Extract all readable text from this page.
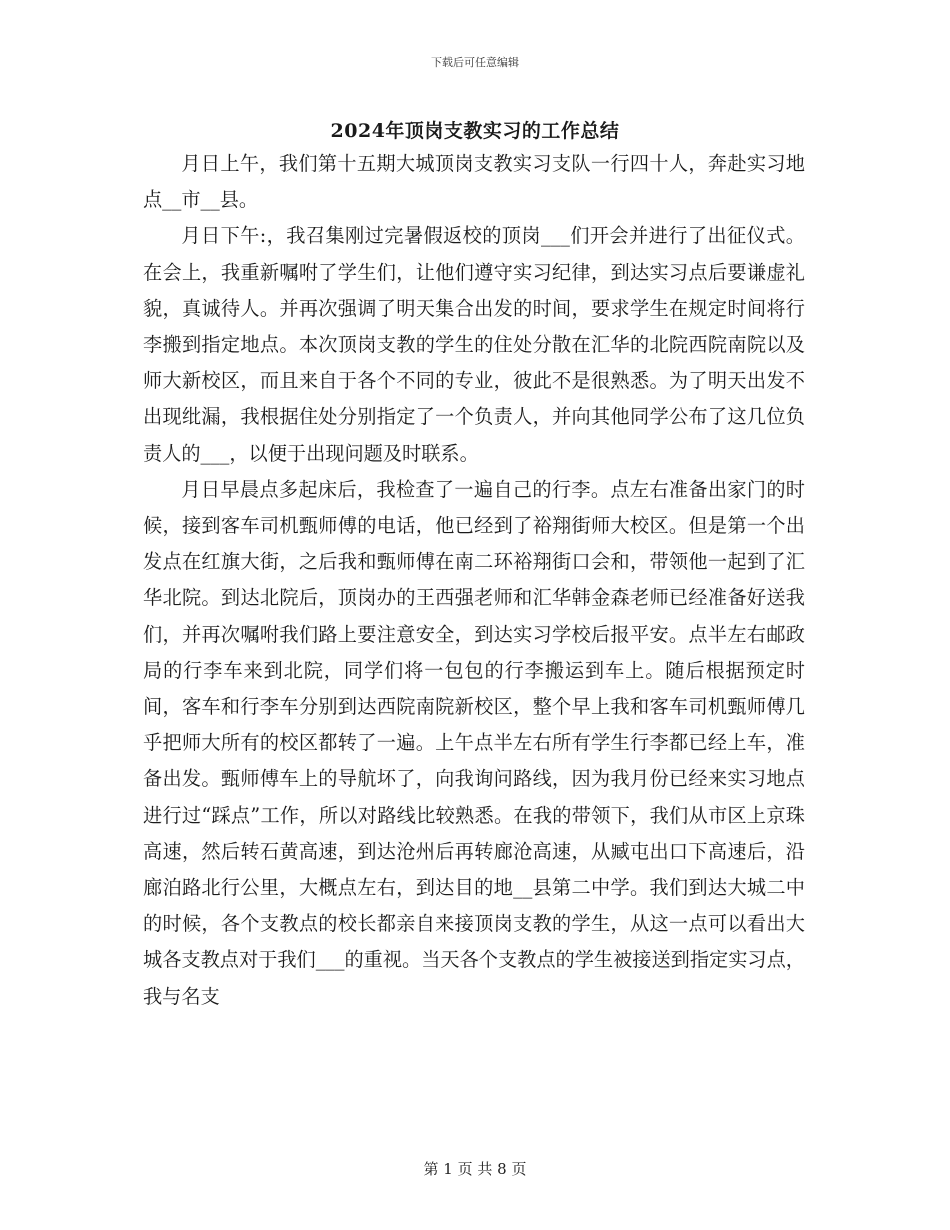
下载后可任意编辑
2024年顶岗支教实习的工作总结

月日上午，我们第十五期大城顶岗支教实习支队一行四十人，奔赴实习地点__市__县。

月日下午:，我召集刚过完暑假返校的顶岗___们开会并进行了出征仪式。在会上，我重新嘱咐了学生们，让他们遵守实习纪律，到达实习点后要谦虚礼貌，真诚待人。并再次强调了明天集合出发的时间，要求学生在规定时间将行李搬到指定地点。本次顶岗支教的学生的住处分散在汇华的北院西院南院以及师大新校区，而且来自于各个不同的专业，彼此不是很熟悉。为了明天出发不出现纰漏，我根据住处分别指定了一个负责人，并向其他同学公布了这几位负责人的___，以便于出现问题及时联系。

月日早晨点多起床后，我检查了一遍自己的行李。点左右准备出家门的时候，接到客车司机甄师傅的电话，他已经到了裕翔街师大校区。但是第一个出发点在红旗大街，之后我和甄师傅在南二环裕翔街口会和，带领他一起到了汇华北院。到达北院后，顶岗办的王西强老师和汇华韩金森老师已经准备好送我们，并再次嘱咐我们路上要注意安全，到达实习学校后报平安。点半左右邮政局的行李车来到北院，同学们将一包包的行李搬运到车上。随后根据预定时间，客车和行李车分别到达西院南院新校区，整个早上我和客车司机甄师傅几乎把师大所有的校区都转了一遍。上午点半左右所有学生行李都已经上车，准备出发。甄师傅车上的导航坏了，向我询问路线，因为我月份已经来实习地点进行过“踩点”工作，所以对路线比较熟悉。在我的带领下，我们从市区上京珠高速，然后转石黄高速，到达沧州后再转廊沧高速，从臧屯出口下高速后，沿廊泊路北行公里，大概点左右，到达目的地__县第二中学。我们到达大城二中的时候，各个支教点的校长都亲自来接顶岗支教的学生，从这一点可以看出大城各支教点对于我们___的重视。当天各个支教点的学生被接送到指定实习点，我与名支

第 1 页 共 8 页
